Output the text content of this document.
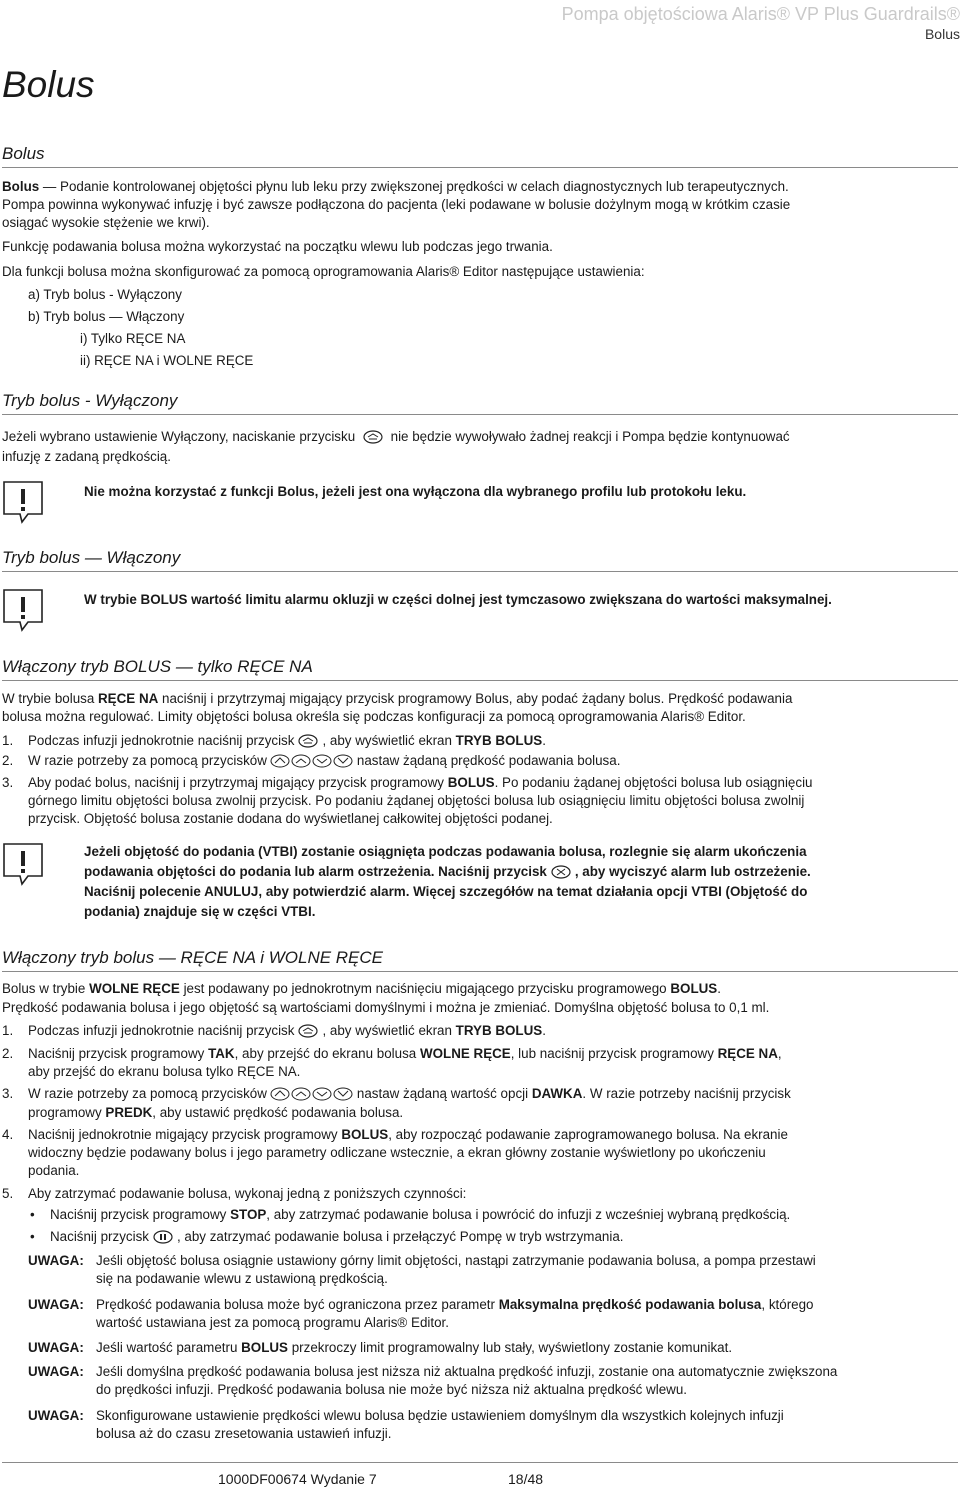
Pompa objętościowa Alaris® VP Plus Guardrails®
Bolus
Bolus
Bolus
Bolus — Podanie kontrolowanej objętości płynu lub leku przy zwiększonej prędkości w celach diagnostycznych lub terapeutycznych.
Pompa powinna wykonywać infuzję i być zawsze podłączona do pacjenta (leki podawane w bolusie dożylnym mogą w krótkim czasie
osiągać wysokie stężenie we krwi).
Funkcję podawania bolusa można wykorzystać na początku wlewu lub podczas jego trwania.
Dla funkcji bolusa można skonfigurować za pomocą oprogramowania Alaris® Editor następujące ustawienia:
a) Tryb bolus - Wyłączony
b) Tryb bolus — Włączony
i) Tylko RĘCE NA
ii) RĘCE NA i WOLNE RĘCE
Tryb bolus - Wyłączony
Jeżeli wybrano ustawienie Wyłączony, naciskanie przycisku	nie będzie wywoływało żadnej reakcji i Pompa będzie kontynuować
infuzję z zadaną prędkością.
Nie można korzystać z funkcji Bolus, jeżeli jest ona wyłączona dla wybranego profilu lub protokołu leku.
Tryb bolus — Włączony
W trybie BOLUS wartość limitu alarmu okluzji w części dolnej jest tymczasowo zwiększana do wartości maksymalnej.
Włączony tryb BOLUS — tylko RĘCE NA
W trybie bolusa RĘCE NA naciśnij i przytrzymaj migający przycisk programowy Bolus, aby podać żądany bolus. Prędkość podawania
bolusa można regulować. Limity objętości bolusa określa się podczas konfiguracji za pomocą oprogramowania Alaris® Editor.
1. Podczas infuzji jednokrotnie naciśnij przycisk , aby wyświetlić ekran TRYB BOLUS.
2. W razie potrzeby za pomocą przycisków	nastaw żądaną prędkość podawania bolusa.
3. Aby podać bolus, naciśnij i przytrzymaj migający przycisk programowy BOLUS. Po podaniu żądanej objętości bolusa lub osiągnięciu
górnego limitu objętości bolusa zwolnij przycisk. Po podaniu żądanej objętości bolusa lub osiągnięciu limitu objętości bolusa zwolnij
przycisk. Objętość bolusa zostanie dodana do wyświetlanej całkowitej objętości podanej.
Jeżeli objętość do podania (VTBI) zostanie osiągnięta podczas podawania bolusa, rozlegnie się alarm ukończenia
podawania objętości do podania lub alarm ostrzeżenia. Naciśnij przycisk , aby wyciszyć alarm lub ostrzeżenie.
Naciśnij polecenie ANULUJ, aby potwierdzić alarm. Więcej szczegółów na temat działania opcji VTBI (Objętość do
podania) znajduje się w części VTBI.
Włączony tryb bolus — RĘCE NA i WOLNE RĘCE
Bolus w trybie WOLNE RĘCE jest podawany po jednokrotnym naciśnięciu migającego przycisku programowego BOLUS.
Prędkość podawania bolusa i jego objętość są wartościami domyślnymi i można je zmieniać. Domyślna objętość bolusa to 0,1 ml.
1. Podczas infuzji jednokrotnie naciśnij przycisk , aby wyświetlić ekran TRYB BOLUS.
2. Naciśnij przycisk programowy TAK, aby przejść do ekranu bolusa WOLNE RĘCE, lub naciśnij przycisk programowy RĘCE NA,
aby przejść do ekranu bolusa tylko RĘCE NA.
3. W razie potrzeby za pomocą przycisków	nastaw żądaną wartość opcji DAWKA. W razie potrzeby naciśnij przycisk
programowy PREDK, aby ustawić prędkość podawania bolusa.
4. Naciśnij jednokrotnie migający przycisk programowy BOLUS, aby rozpocząć podawanie zaprogramowanego bolusa. Na ekranie
widoczny będzie podawany bolus i jego parametry odliczane wstecznie, a ekran główny zostanie wyświetlony po ukończeniu
podania.
5. Aby zatrzymać podawanie bolusa, wykonaj jedną z poniższych czynności:
• Naciśnij przycisk programowy STOP, aby zatrzymać podawanie bolusa i powrócić do infuzji z wcześniej wybraną prędkością.
• Naciśnij przycisk , aby zatrzymać podawanie bolusa i przełączyć Pompę w tryb wstrzymania.
UWAGA: Jeśli objętość bolusa osiągnie ustawiony górny limit objętości, nastąpi zatrzymanie podawania bolusa, a pompa przestawi
się na podawanie wlewu z ustawioną prędkością.
UWAGA: Prędkość podawania bolusa może być ograniczona przez parametr Maksymalna prędkość podawania bolusa, którego
wartość ustawiana jest za pomocą programu Alaris® Editor.
UWAGA: Jeśli wartość parametru BOLUS przekroczy limit programowalny lub stały, wyświetlony zostanie komunikat.
UWAGA: Jeśli domyślna prędkość podawania bolusa jest niższa niż aktualna prędkość infuzji, zostanie ona automatycznie zwiększona
do prędkości infuzji. Prędkość podawania bolusa nie może być niższa niż aktualna prędkość wlewu.
UWAGA: Skonfigurowane ustawienie prędkości wlewu bolusa będzie ustawieniem domyślnym dla wszystkich kolejnych infuzji
bolusa aż do czasu zresetowania ustawień infuzji.
1000DF00674 Wydanie 7	18/48
